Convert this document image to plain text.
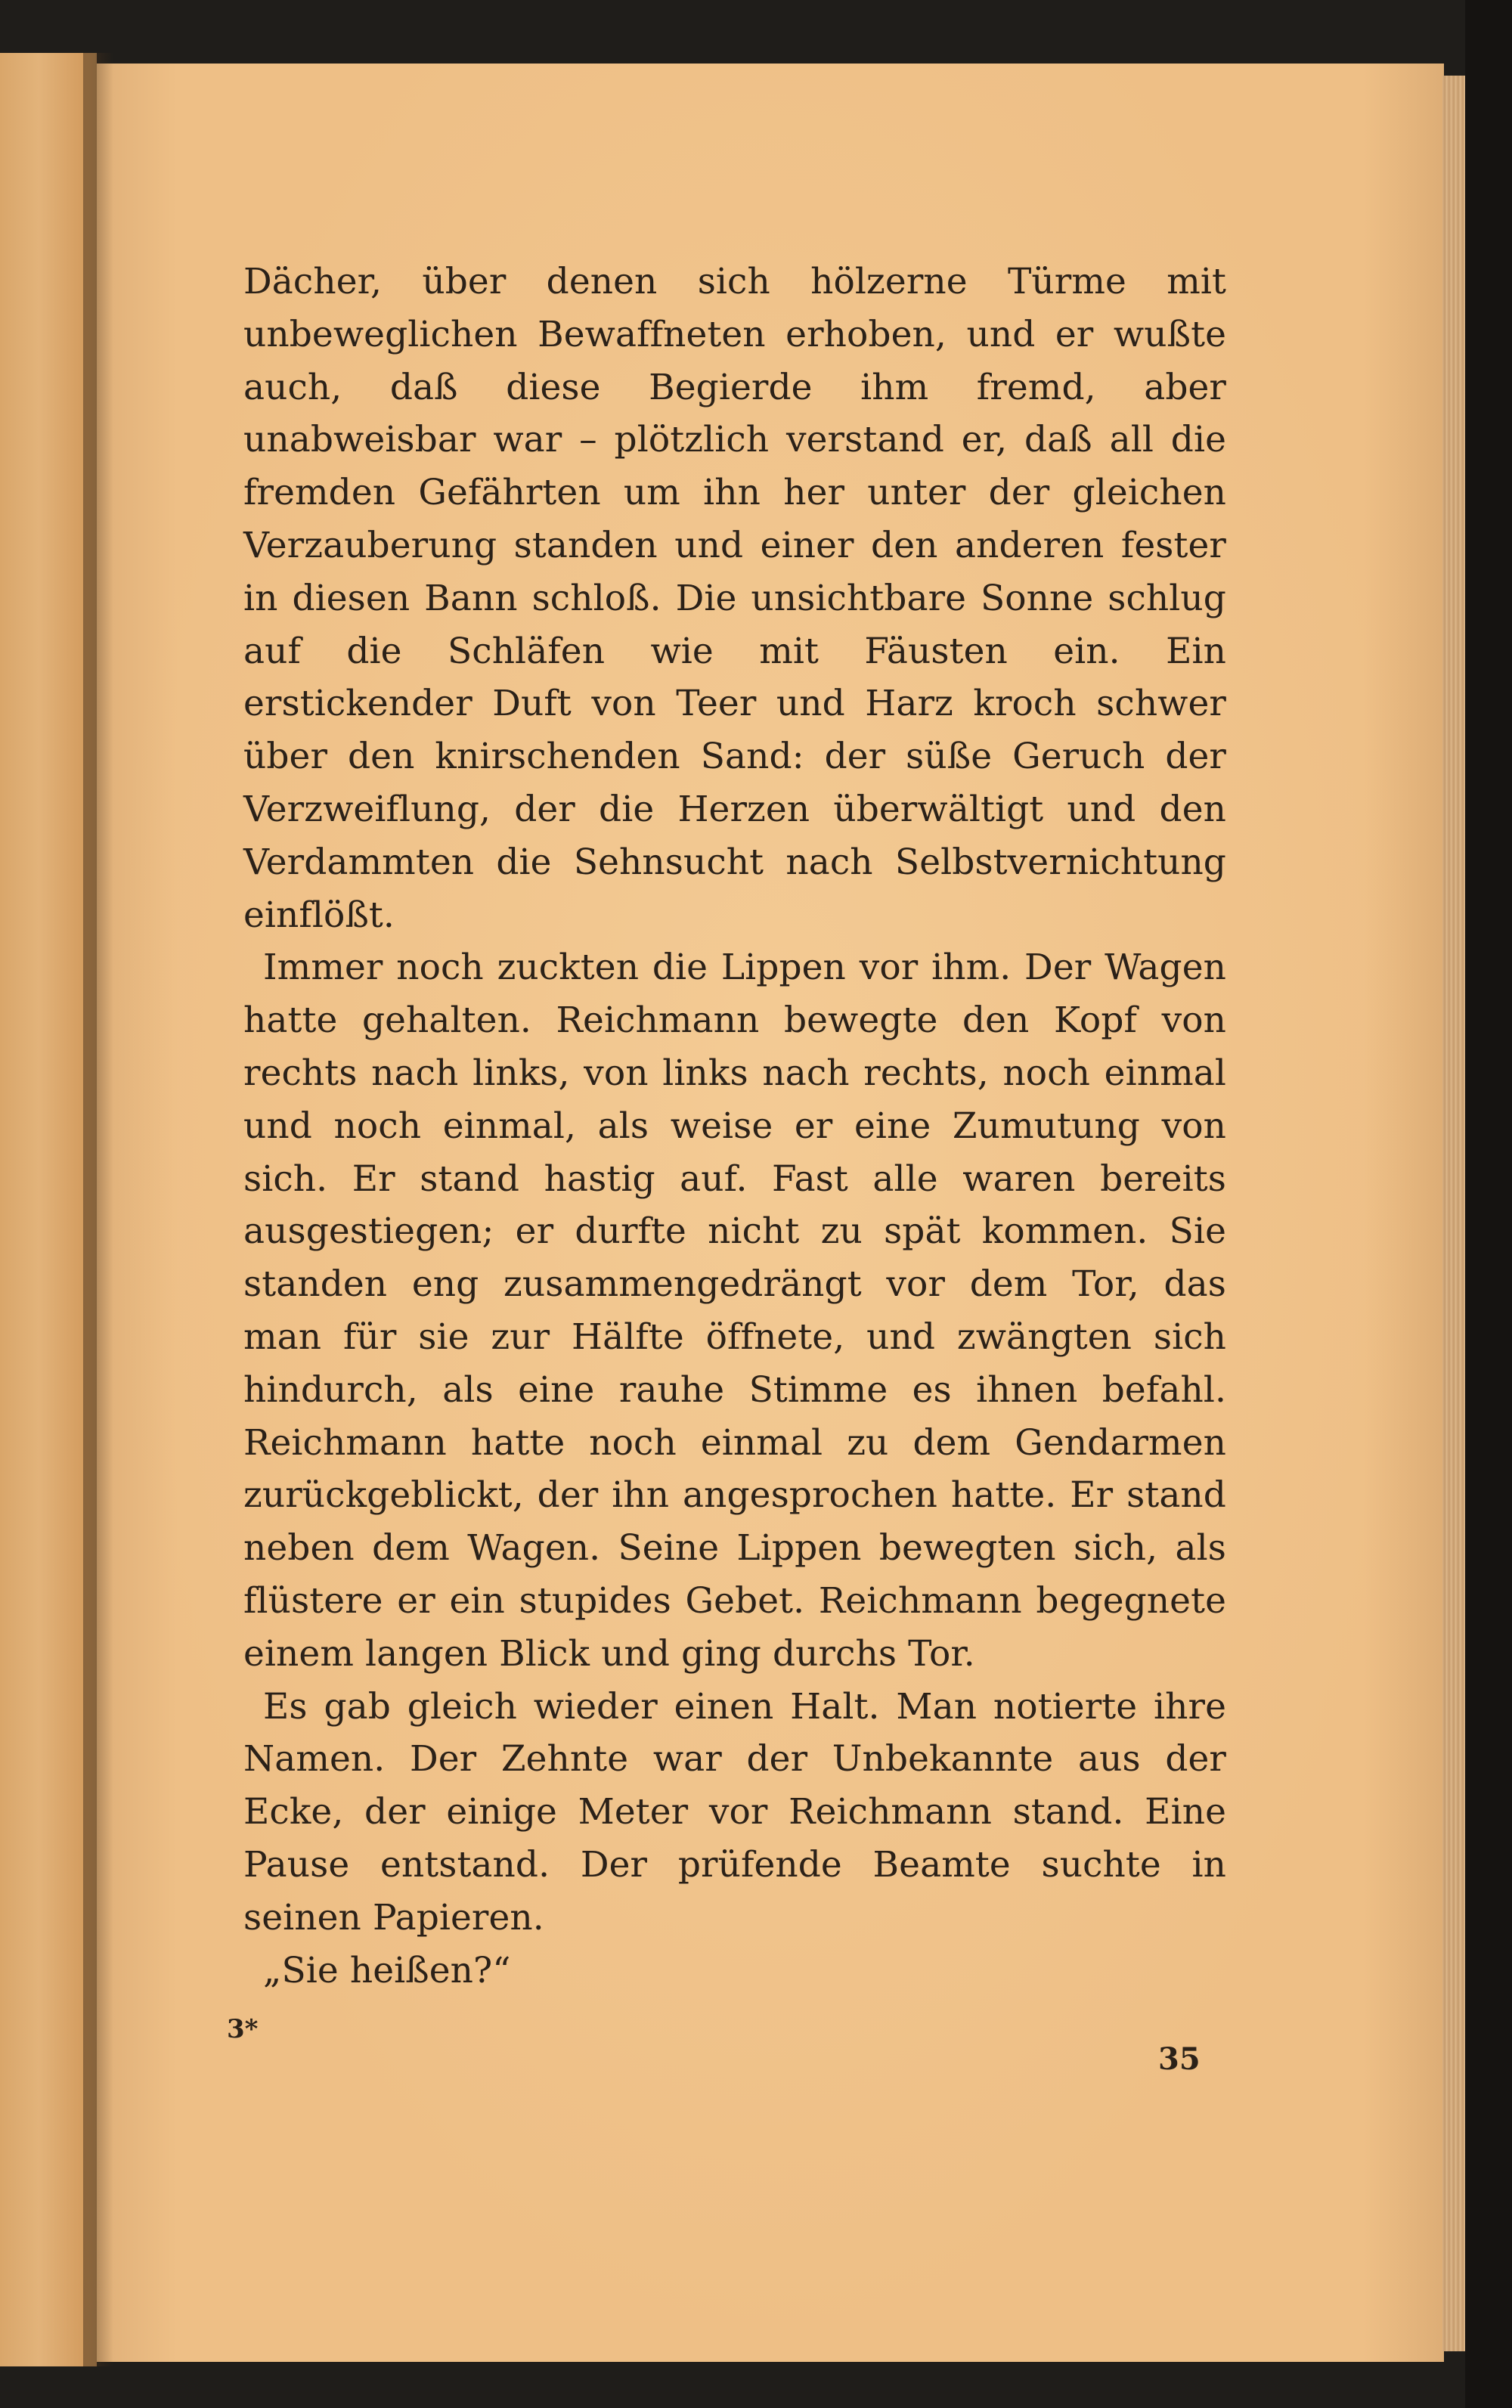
Dächer, über denen sich hölzerne Türme mit unbeweglichen Bewaffneten erhoben, und er wußte auch, daß diese Begierde ihm fremd, aber unabweisbar war – plötzlich verstand er, daß all die fremden Gefährten um ihn her unter der gleichen Verzauberung standen und einer den anderen fester in diesen Bann schloß. Die unsichtbare Sonne schlug auf die Schläfen wie mit Fäusten ein. Ein erstickender Duft von Teer und Harz kroch schwer über den knirschenden Sand: der süße Geruch der Verzweiflung, der die Herzen überwältigt und den Verdammten die Sehnsucht nach Selbstvernichtung einflößt.

Immer noch zuckten die Lippen vor ihm. Der Wagen hatte gehalten. Reichmann bewegte den Kopf von rechts nach links, von links nach rechts, noch einmal und noch einmal, als weise er eine Zumutung von sich. Er stand hastig auf. Fast alle waren bereits ausgestiegen; er durfte nicht zu spät kommen. Sie standen eng zusammengedrängt vor dem Tor, das man für sie zur Hälfte öffnete, und zwängten sich hindurch, als eine rauhe Stimme es ihnen befahl. Reichmann hatte noch einmal zu dem Gendarmen zurückgeblickt, der ihn angesprochen hatte. Er stand neben dem Wagen. Seine Lippen bewegten sich, als flüstere er ein stupides Gebet. Reichmann begegnete einem langen Blick und ging durchs Tor.

Es gab gleich wieder einen Halt. Man notierte ihre Namen. Der Zehnte war der Unbekannte aus der Ecke, der einige Meter vor Reichmann stand. Eine Pause entstand. Der prüfende Beamte suchte in seinen Papieren.

„Sie heißen?“

3*
35
